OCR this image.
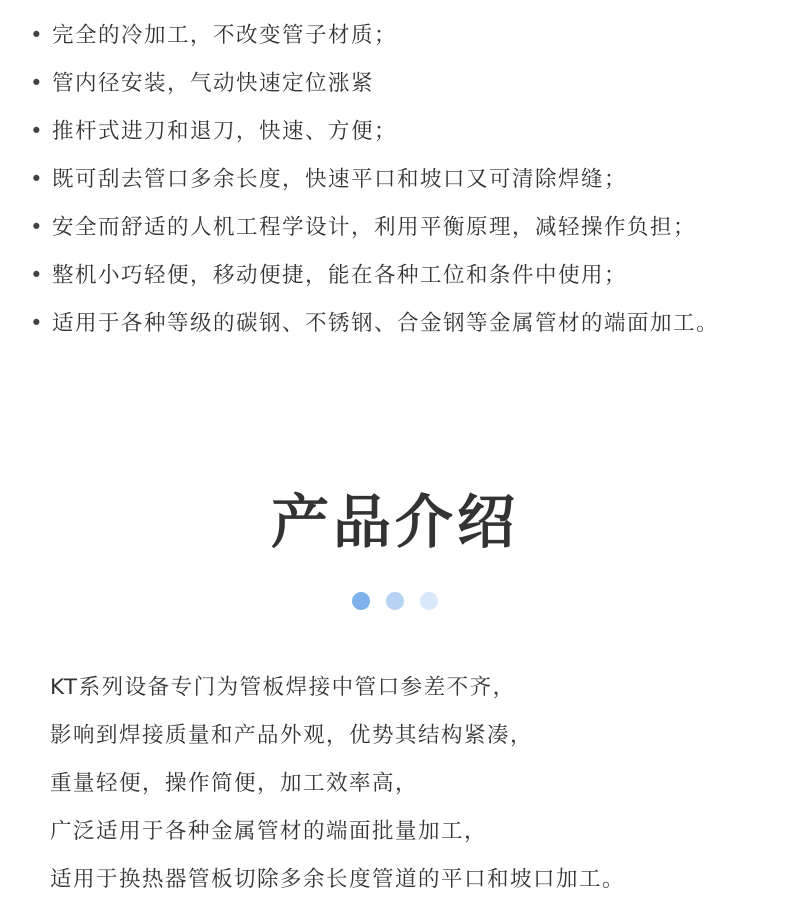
• 完全的冷加工，不改变管子材质；
• 管内径安装，气动快速定位涨紧
• 推杆式进刀和退刀，快速、方便；
• 既可刮去管口多余长度，快速平口和坡口又可清除焊缝；
• 安全而舒适的人机工程学设计，利用平衡原理，减轻操作负担；
• 整机小巧轻便，移动便捷，能在各种工位和条件中使用；
• 适用于各种等级的碳钢、不锈钢、合金钢等金属管材的端面加工。
产品介绍
KT系列设备专门为管板焊接中管口参差不齐，
影响到焊接质量和产品外观，优势其结构紧凑，
重量轻便，操作简便，加工效率高，
广泛适用于各种金属管材的端面批量加工，
适用于换热器管板切除多余长度管道的平口和坡口加工。
